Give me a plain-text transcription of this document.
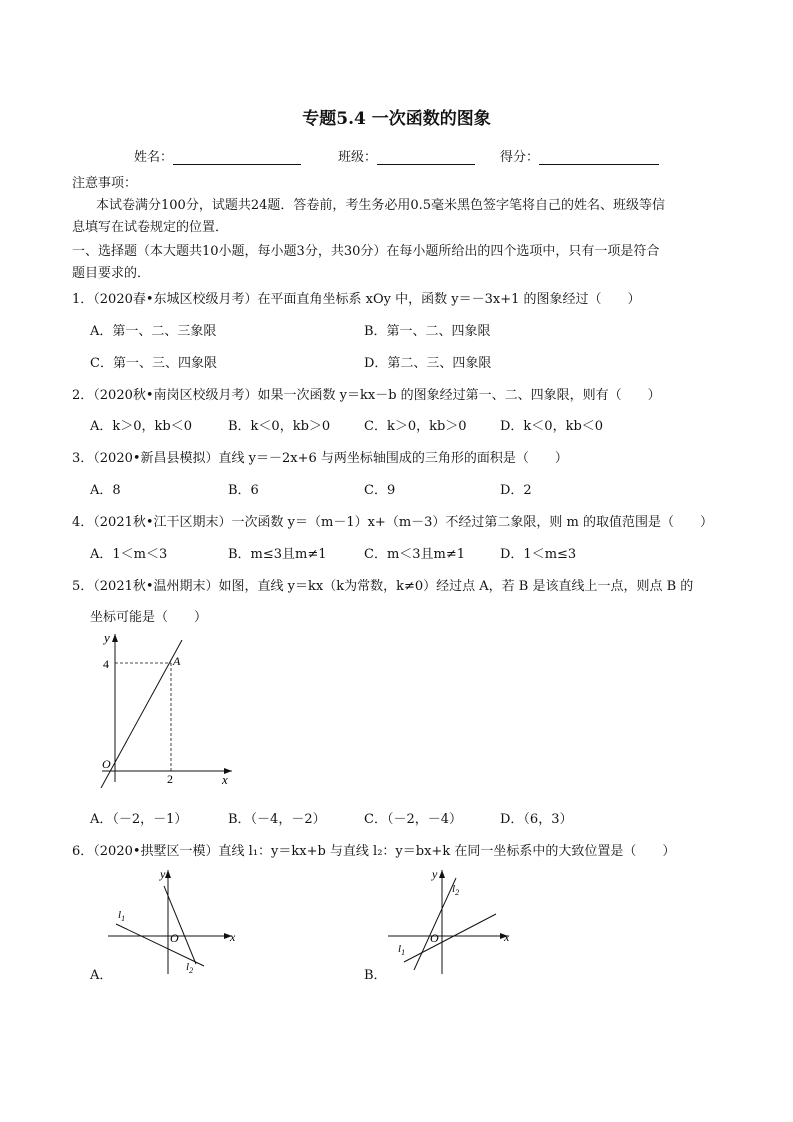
专题5.4 一次函数的图象
姓名：	班级：	得分：
注意事项：
本试卷满分100分，试题共24题．答卷前，考生务必用0.5毫米黑色签字笔将自己的姓名、班级等信
息填写在试卷规定的位置．
一、选择题（本大题共10小题，每小题3分，共30分）在每小题所给出的四个选项中，只有一项是符合
题目要求的．
1．（2020春•东城区校级月考）在平面直角坐标系 xOy 中，函数 y＝－3x+1 的图象经过（　　）
A．第一、二、三象限	B．第一、二、四象限
C．第一、三、四象限	D．第二、三、四象限
2．（2020秋•南岗区校级月考）如果一次函数 y＝kx－b 的图象经过第一、二、四象限，则有（　　）
A．k＞0，kb＜0	B．k＜0，kb＞0	C．k＞0，kb＞0	D．k＜0，kb＜0
3．（2020•新昌县模拟）直线 y＝－2x+6 与两坐标轴围成的三角形的面积是（　　）
A．8	B．6	C．9	D．2
4．（2021秋•江干区期末）一次函数 y＝（m－1）x+（m－3）不经过第二象限，则 m 的取值范围是（　　）
A．1＜m＜3	B．m≤3且m≠1	C．m＜3且m≠1	D．1＜m≤3
5．（2021秋•温州期末）如图，直线 y＝kx（k为常数，k≠0）经过点 A，若 B 是该直线上一点，则点 B 的
坐标可能是（　　）
y
x
O
A
4
2
A．（－2，－1）	B．（－4，－2）	C．（－2，－4）	D．（6，3）
6．（2020•拱墅区一模）直线 l₁：y＝kx+b 与直线 l₂：y＝bx+k 在同一坐标系中的大致位置是（　　）
y
x
O
$l_1$
$l_2$
A．
y
x
O
$l_1$
$l_2$
B．
